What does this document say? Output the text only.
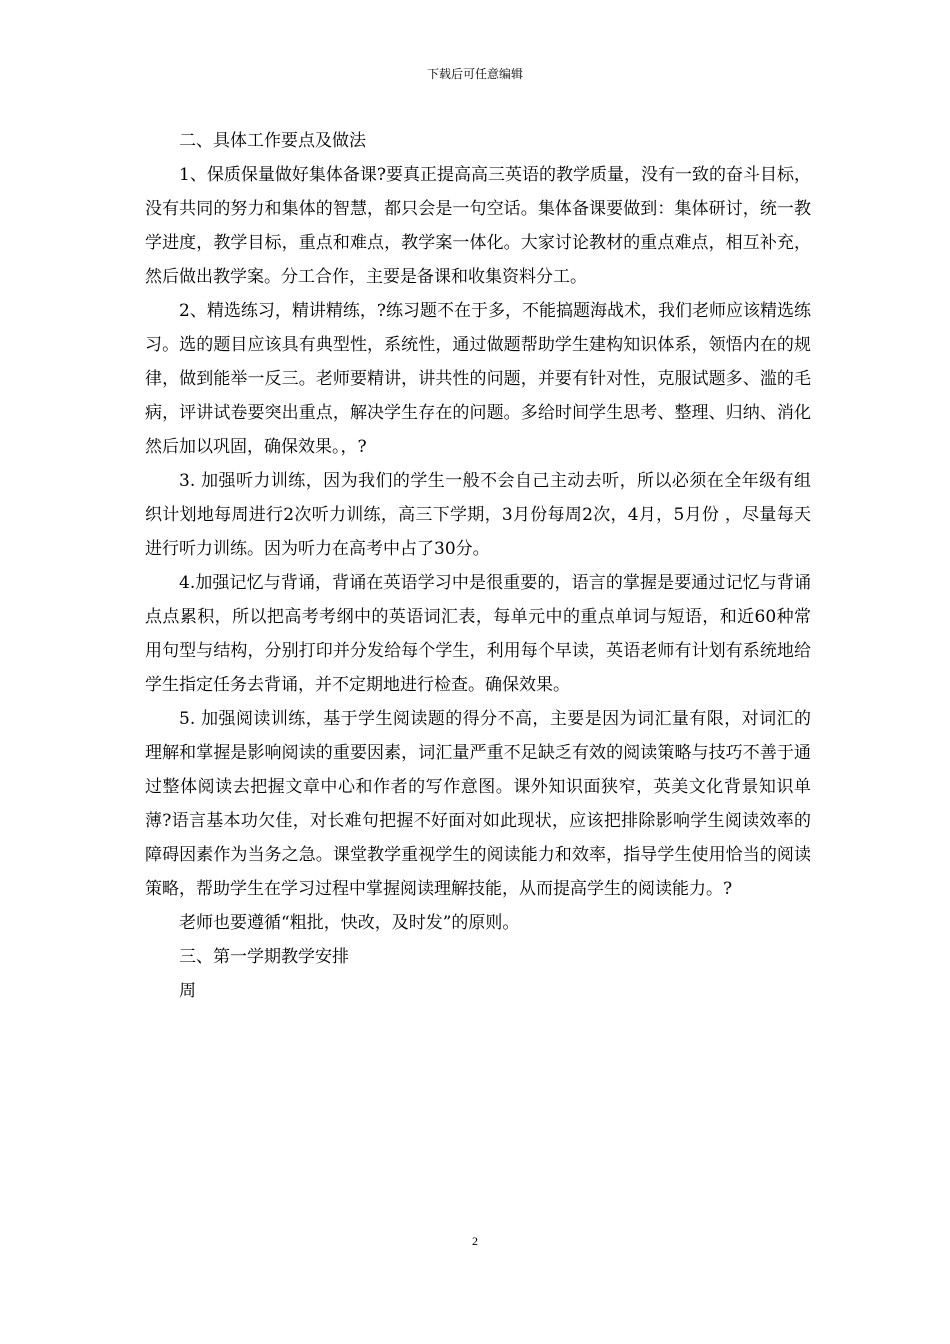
下载后可任意编辑

二、具体工作要点及做法

1、保质保量做好集体备课?要真正提高高三英语的教学质量，没有一致的奋斗目标，没有共同的努力和集体的智慧，都只会是一句空话。集体备课要做到：集体研讨，统一教学进度，教学目标，重点和难点，教学案一体化。大家讨论教材的重点难点，相互补充，然后做出教学案。分工合作，主要是备课和收集资料分工。

2、精选练习，精讲精练，?练习题不在于多，不能搞题海战术，我们老师应该精选练习。选的题目应该具有典型性，系统性，通过做题帮助学生建构知识体系，领悟内在的规律，做到能举一反三。老师要精讲，讲共性的问题，并要有针对性，克服试题多、滥的毛病，评讲试卷要突出重点，解决学生存在的问题。多给时间学生思考、整理、归纳、消化然后加以巩固，确保效果。，?

3. 加强听力训练，因为我们的学生一般不会自己主动去听，所以必须在全年级有组织计划地每周进行2次听力训练，高三下学期，3月份每周2次，4月，5月份 ，尽量每天进行听力训练。因为听力在高考中占了30分。

4.加强记忆与背诵，背诵在英语学习中是很重要的，语言的掌握是要通过记忆与背诵点点累积，所以把高考考纲中的英语词汇表，每单元中的重点单词与短语，和近60种常用句型与结构，分别打印并分发给每个学生，利用每个早读，英语老师有计划有系统地给学生指定任务去背诵，并不定期地进行检查。确保效果。

5. 加强阅读训练，基于学生阅读题的得分不高，主要是因为词汇量有限，对词汇的理解和掌握是影响阅读的重要因素，词汇量严重不足缺乏有效的阅读策略与技巧不善于通过整体阅读去把握文章中心和作者的写作意图。课外知识面狭窄，英美文化背景知识单薄?语言基本功欠佳，对长难句把握不好面对如此现状，应该把排除影响学生阅读效率的障碍因素作为当务之急。课堂教学重视学生的阅读能力和效率，指导学生使用恰当的阅读策略，帮助学生在学习过程中掌握阅读理解技能，从而提高学生的阅读能力。?

老师也要遵循“粗批，快改，及时发”的原则。

三、第一学期教学安排

周

2
